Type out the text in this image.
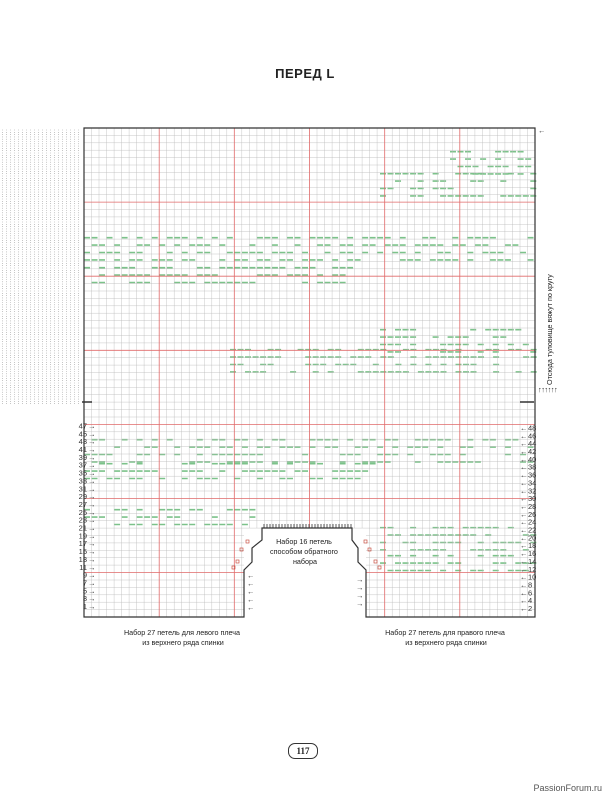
ПЕРЕД L
1 →
3 →
5 →
7 →
9 →
11 →
13 →
15 →
17 →
19 →
21 →
23 →
25 →
27 →
29 →
31 →
33 →
35 →
37 →
39 →
41 →
43 →
45 →
47 →
←
←
←
←
←
← 2
← 4
← 6
← 8
← 10
← 12
← 14
← 16
← 18
← 20
← 22
← 24
← 26
← 28
← 30
← 32
← 34
← 36
← 38
← 40
← 42
← 44
← 46
← 48
→
→
→
→
←
↑ ↑ ↑ ↑ ↑ ↑
Отсюда туловище вяжут по кругу
Набор 16 петель способом обратного набора
Набор 27 петель для левого плеча из верхнего ряда спинки
Набор 27 петель для правого плеча из верхнего ряда спинки
117
PassionForum.ru
